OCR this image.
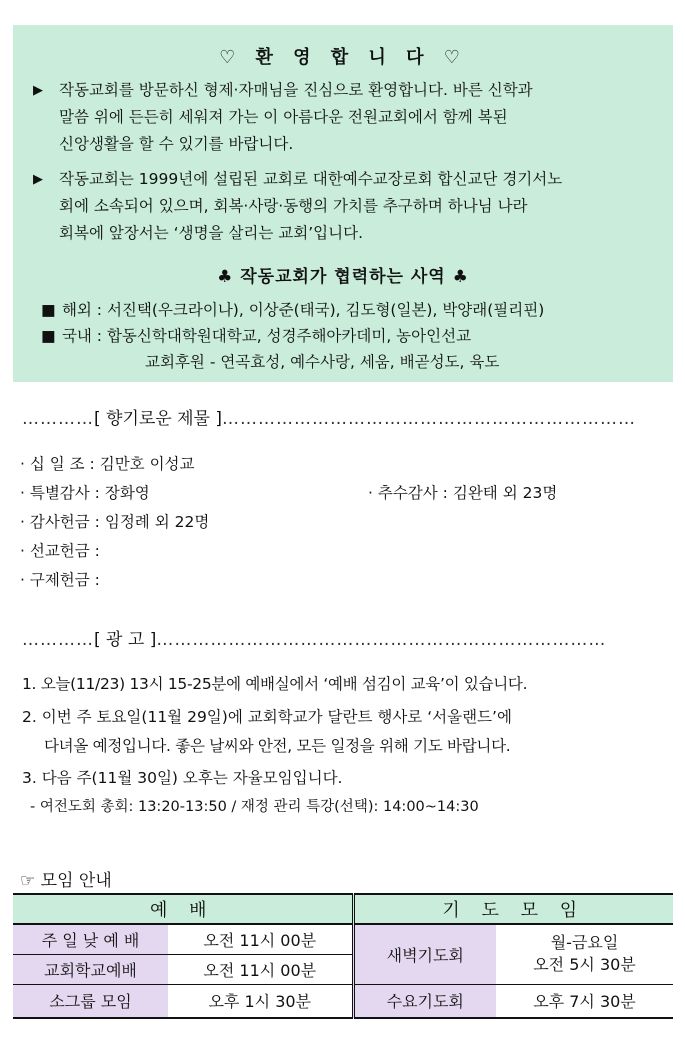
♡ 환 영 합 니 다 ♡
▶ 작동교회를 방문하신 형제·자매님을 진심으로 환영합니다. 바른 신학과
말씀 위에 든든히 세워져 가는 이 아름다운 전원교회에서 함께 복된
신앙생활을 할 수 있기를 바랍니다.
▶ 작동교회는 1999년에 설립된 교회로 대한예수교장로회 합신교단 경기서노
회에 소속되어 있으며, 회복·사랑·동행의 가치를 추구하며 하나님 나라
회복에 앞장서는 ‘생명을 살리는 교회’입니다.
♣ 작동교회가 협력하는 사역 ♣
■ 해외 : 서진택(우크라이나), 이상준(태국), 김도형(일본), 박양래(필리핀)
■ 국내 : 합동신학대학원대학교, 성경주해아카데미, 농아인선교
교회후원 - 연곡효성, 예수사랑, 세움, 배곧성도, 육도
…………[ 향기로운 제물 ]……………………………………………………………
· 십 일 조 : 김만호 이성교
· 특별감사 : 장화영	· 추수감사 : 김완태 외 23명
· 감사헌금 : 임정례 외 22명
· 선교헌금 :
· 구제헌금 :
…………[ 광 고 ]…………………………………………………………………
1. 오늘(11/23) 13시 15-25분에 예배실에서 ‘예배 섬김이 교육’이 있습니다.
2. 이번 주 토요일(11월 29일)에 교회학교가 달란트 행사로 ‘서울랜드’에
다녀올 예정입니다. 좋은 날씨와 안전, 모든 일정을 위해 기도 바랍니다.
3. 다음 주(11월 30일) 오후는 자율모임입니다.
- 여전도회 총회: 13:20-13:50 / 재정 관리 특강(선택): 14:00~14:30
☞ 모임 안내
예 배		기 도 모 임	
주 일 낮 예 배	오전 11시 00분	새벽기도회	월-금요일
오전 5시 30분

교회학교예배	오전 11시 00분		
소그룹 모임	오후 1시 30분	수요기도회	오후 7시 30분
